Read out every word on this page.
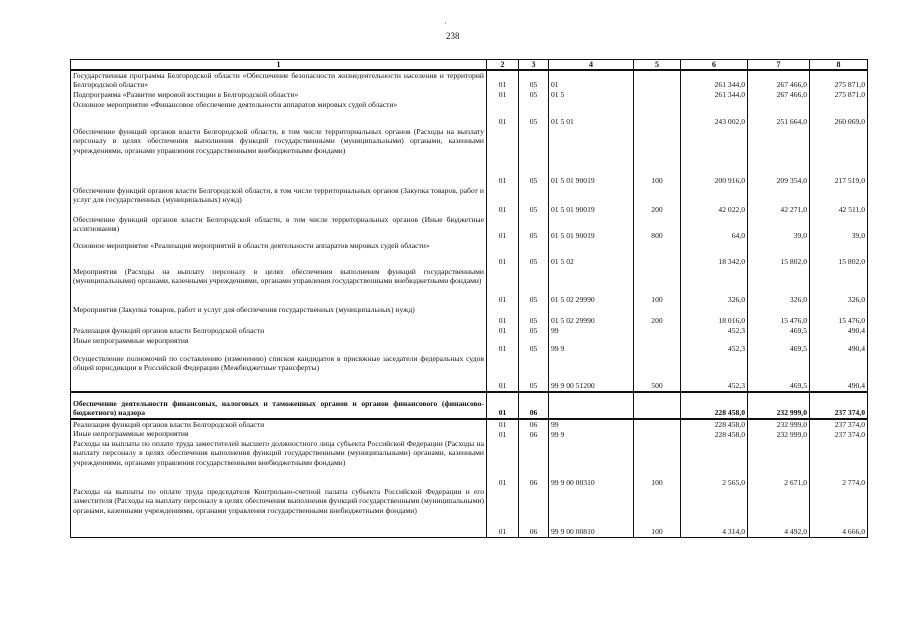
238
·
1	2	3	4	5	6	7	8
Государственная программа Белгородской области «Обеспечение безопасности жизнедеятельности населения и территорий Белгородской области»	01	05	01		261 344,0	267 466,0	275 871,0
Подпрограмма «Развитие мировой юстиции в Белгородской области»	01	05	01 5		261 344,0	267 466,0	275 871,0
Основное мероприятие «Финансовое обеспечение деятельности аппаратов мировых судей области»	01	05	01 5 01		243 002,0	251 664,0	260 069,0
Обеспечение функций органов власти Белгородской области, в том числе территориальных органов (Расходы на выплату персоналу в целях обеспечения выполнения функций государственными (муниципальными) органами, казенными учреждениями, органами управления государственными внебюджетными фондами)	01	05	01 5 01 90019	100	200 916,0	209 354,0	217 519,0
Обеспечение функций органов власти Белгородской области, в том числе территориальных органов (Закупка товаров, работ и услуг для государственных (муниципальных) нужд)	01	05	01 5 01 90019	200	42 022,0	42 271,0	42 511,0
Обеспечение функций органов власти Белгородской области, в том числе территориальных органов (Иные бюджетные ассигнования)	01	05	01 5 01 90019	800	64,0	39,0	39,0
Основное мероприятие «Реализация мероприятий в области деятельности аппаратов мировых судей области»	01	05	01 5 02		18 342,0	15 802,0	15 802,0
Мероприятия (Расходы на выплату персоналу в целях обеспечения выполнения функций государственными (муниципальными) органами, казенными учреждениями, органами управления государственными внебюджетными фондами)	01	05	01 5 02 29990	100	326,0	326,0	326,0
Мероприятия (Закупка товаров, работ и услуг для обеспечения государственных (муниципальных) нужд)	01	05	01 5 02 29990	200	18 016,0	15 476,0	15 476,0
Реализация функций органов власти Белгородской области	01	05	99		452,3	469,5	490,4
Иные непрограммные мероприятия	01	05	99 9		452,3	469,5	490,4
Осуществление полномочий по составлению (изменению) списков кандидатов в присяжные заседатели федеральных судов общей юрисдикции в Российской Федерации (Межбюджетные трансферты)	01	05	99 9 00 51200	500	452,3	469,5	490,4
Обеспечение деятельности финансовых, налоговых и таможенных органов и органов финансового (финансово-бюджетного) надзора	01	06			228 458,0	232 999,0	237 374,0
Реализация функций органов власти Белгородской области	01	06	99		228 458,0	232 999,0	237 374,0
Иные непрограммные мероприятия	01	06	99 9		228 458,0	232 999,0	237 374,0
Расходы на выплаты по оплате труда заместителей высшего должностного лица субъекта Российской Федерации (Расходы на выплату персоналу в целях обеспечения выполнения функций государственными (муниципальными) органами, казенными учреждениями, органами управления государственными внебюджетными фондами)	01	06	99 9 00 00310	100	2 565,0	2 671,0	2 774,0
Расходы на выплаты по оплате труда председателя Контрольно-счетной палаты субъекта Российской Федерации и его заместителя (Расходы на выплату персоналу в целях обеспечения выполнения функций государственными (муниципальными) органами, казенными учреждениями, органами управления государственными внебюджетными фондами)	01	06	99 9 00 00810	100	4 314,0	4 492,0	4 666,0
